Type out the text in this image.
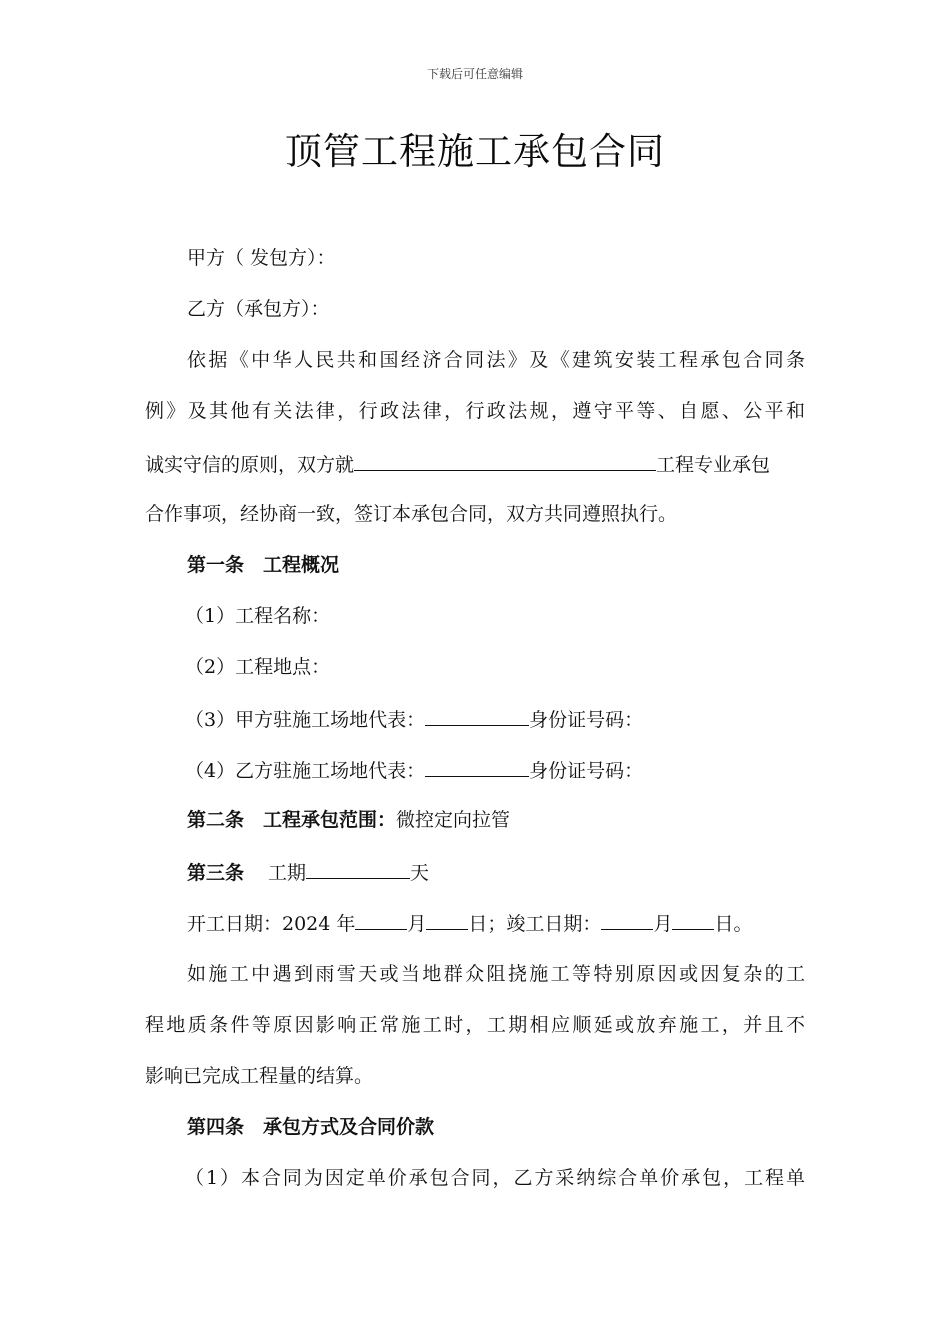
下载后可任意编辑
顶管工程施工承包合同
甲方（ 发包方）：
乙方（承包方）：
依据《中华人民共和国经济合同法》及《建筑安装工程承包合同条
例》及其他有关法律，行政法律，行政法规，遵守平等、自愿、公平和
诚实守信的原则，双方就	工程专业承包
合作事项，经协商一致，签订本承包合同，双方共同遵照执行。
第一条　工程概况
（1）工程名称：
（2）工程地点：
（3）甲方驻施工场地代表：	身份证号码：
（4）乙方驻施工场地代表：	身份证号码：
第二条　工程承包范围：微控定向拉管
第三条 工期	天
开工日期：2024 年	月 日；竣工日期：	月 日。
如施工中遇到雨雪天或当地群众阻挠施工等特别原因或因复杂的工
程地质条件等原因影响正常施工时，工期相应顺延或放弃施工，并且不
影响已完成工程量的结算。
第四条　承包方式及合同价款
（1）本合同为因定单价承包合同，乙方采纳综合单价承包，工程单
